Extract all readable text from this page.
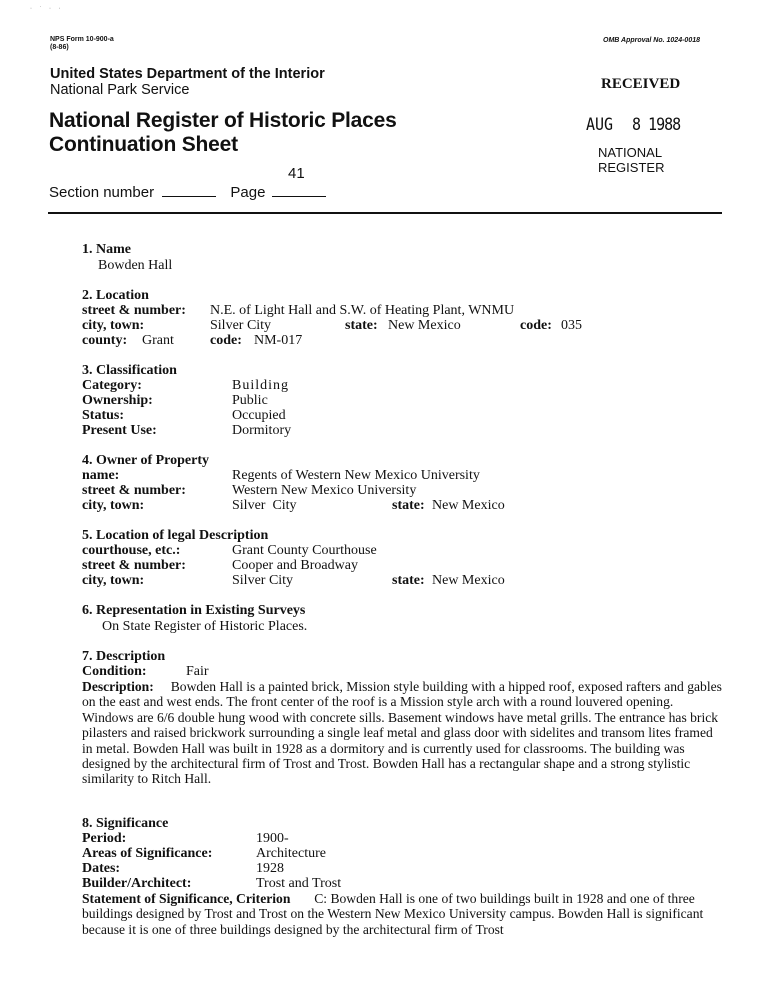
· ˙ · ·
NPS Form 10-900-a
(8-86)
OMB Approval No. 1024-0018
United States Department of the Interior
National Park Service
National Register of Historic Places
Continuation Sheet
41
Section number	Page
RECEIVED
AUG 8 1988
NATIONAL
REGISTER
1. Name
Bowden Hall
2. Location
street & number: N.E. of Light Hall and S.W. of Heating Plant, WNMU
city, town:	Silver City	state: New Mexico	code: 035
county: Grant	code: NM-017
3. Classification
Category:	Building
Ownership:	Public
Status:	Occupied
Present Use:	Dormitory
4. Owner of Property
name:	Regents of Western New Mexico University
street & number:	Western New Mexico University
city, town:	Silver  City	state: New Mexico
5. Location of legal Description
courthouse, etc.:	Grant County Courthouse
street & number:	Cooper and Broadway
city, town:	Silver City	state: New Mexico
6. Representation in Existing Surveys
On State Register of Historic Places.
7. Description
Condition:	Fair
Description: Bowden Hall is a painted brick, Mission style building with a hipped roof, exposed rafters and gables on the east and west ends. The front center of the roof is a Mission style arch with a round louvered opening. Windows are 6/6 double hung wood with concrete sills. Basement windows have metal grills. The entrance has brick pilasters and raised brickwork surrounding a single leaf metal and glass door with sidelites and transom lites framed in metal. Bowden Hall was built in 1928 as a dormitory and is currently used for classrooms. The building was designed by the architectural firm of Trost and Trost. Bowden Hall has a rectangular shape and a strong stylistic similarity to Ritch Hall.
8. Significance
Period:	1900-
Areas of Significance:	Architecture
Dates:	1928
Builder/Architect:	Trost and Trost
Statement of Significance, Criterion C: Bowden Hall is one of two buildings built in 1928 and one of three buildings designed by Trost and Trost on the Western New Mexico University campus. Bowden Hall is significant because it is one of three buildings designed by the architectural firm of Trost
